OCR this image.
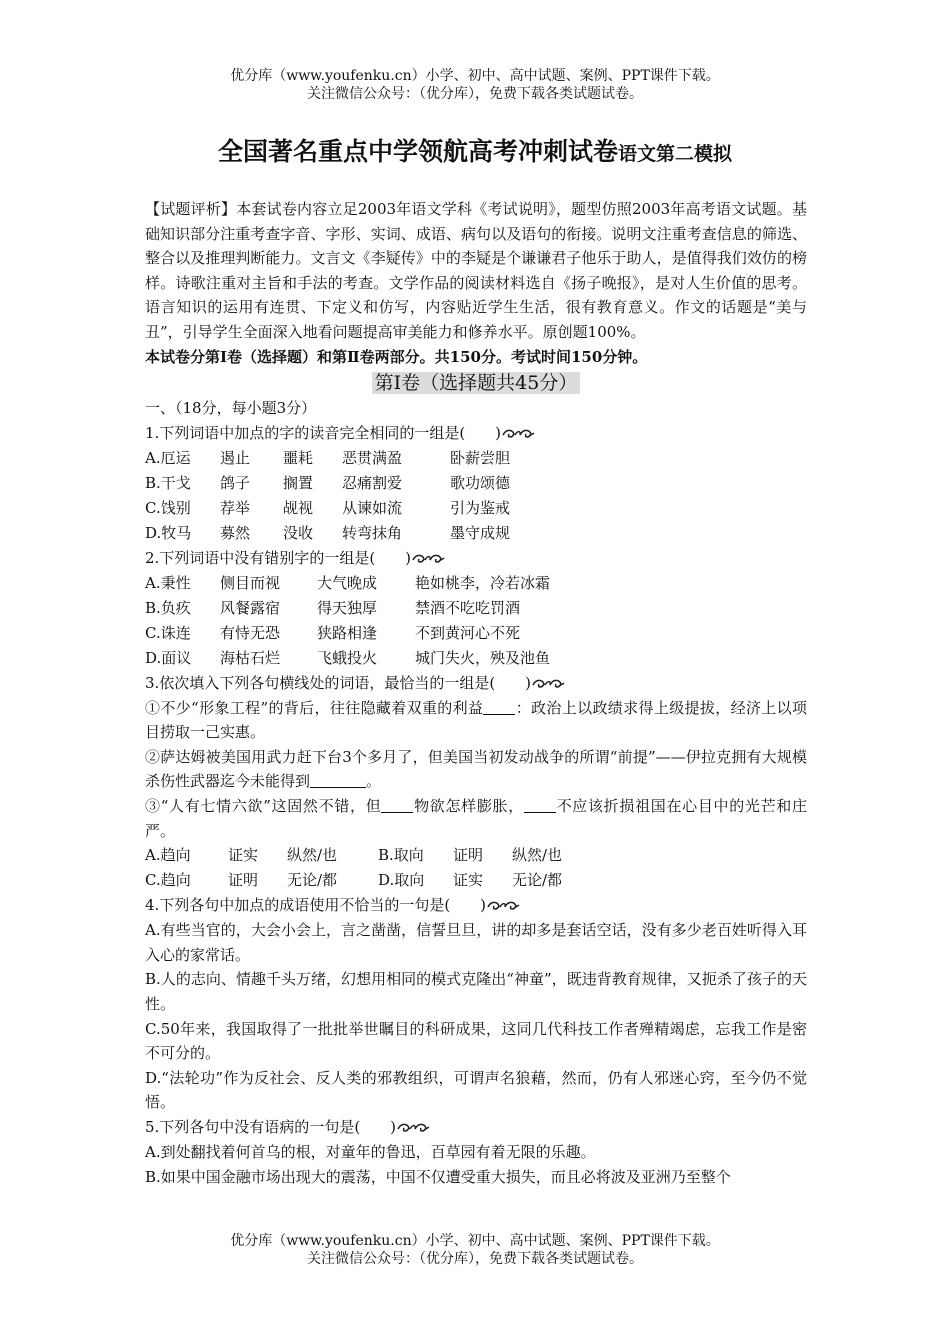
优分库（www.youfenku.cn）小学、初中、高中试题、案例、PPT课件下载。
关注微信公众号：（优分库），免费下载各类试题试卷。
全国著名重点中学领航高考冲刺试卷语文第二模拟

【试题评析】本套试卷内容立足2003年语文学科《考试说明》，题型仿照2003年高考语文试题。基础知识部分注重考查字音、字形、实词、成语、病句以及语句的衔接。说明文注重考查信息的筛选、整合以及推理判断能力。文言文《李疑传》中的李疑是个谦谦君子他乐于助人，是值得我们效仿的榜样。诗歌注重对主旨和手法的考查。文学作品的阅读材料选自《扬子晚报》，是对人生价值的思考。语言知识的运用有连贯、下定义和仿写，内容贴近学生生活，很有教育意义。作文的话题是“美与丑”，引导学生全面深入地看问题提高审美能力和修养水平。原创题100%。

本试卷分第Ⅰ卷（选择题）和第Ⅱ卷两部分。共150分。考试时间150分钟。
第Ⅰ卷（选择题共45分）
一、（18分，每小题3分）
1.下列词语中加点的字的读音完全相同的一组是(　　)
A.厄运 遏止 噩耗 恶贯满盈	卧薪尝胆
B.干戈 鸽子 搁置 忍痛割爱	歌功颂德
C.饯别 荐举 觇视 从谏如流	引为鉴戒
D.牧马 募然 没收 转弯抹角	墨守成规
2.下列词语中没有错别字的一组是(　　)
A.秉性 侧目而视 大气晚成	艳如桃李，冷若冰霜
B.负疚 风餐露宿 得天独厚	禁酒不吃吃罚酒
C.诛连 有恃无恐 狭路相逢	不到黄河心不死
D.面议 海枯石烂 飞蛾投火	城门失火，殃及池鱼
3.依次填入下列各句横线处的词语，最恰当的一组是(　　)

①不少“形象工程”的背后，往往隐藏着双重的利益 ：政治上以政绩求得上级提拔，经济上以项目捞取一己实惠。

②萨达姆被美国用武力赶下台3个多月了，但美国当初发动战争的所谓“前提”——伊拉克拥有大规模杀伤性武器迄今未能得到	。

③“人有七情六欲”这固然不错，但 物欲怎样膨胀， 不应该折损祖国在心目中的光芒和庄严。

A.趋向 证实 纵然/也	B.取向 证明 纵然/也
C.趋向 证明 无论/都	D.取向 证实 无论/都
4.下列各句中加点的成语使用不恰当的一句是(　　)

A.有些当官的，大会小会上，言之凿凿，信誓旦旦，讲的却多是套话空话，没有多少老百姓听得入耳入心的家常话。

B.人的志向、情趣千头万绪，幻想用相同的模式克隆出“神童”，既违背教育规律，又扼杀了孩子的天性。

C.50年来，我国取得了一批批举世瞩目的科研成果，这同几代科技工作者殚精竭虑，忘我工作是密不可分的。

D.“法轮功”作为反社会、反人类的邪教组织，可谓声名狼藉，然而，仍有人邪迷心窍，至今仍不觉悟。

5.下列各句中没有语病的一句是(　　)
A.到处翻找着何首乌的根，对童年的鲁迅，百草园有着无限的乐趣。
B.如果中国金融市场出现大的震荡，中国不仅遭受重大损失，而且必将波及亚洲乃至整个
优分库（www.youfenku.cn）小学、初中、高中试题、案例、PPT课件下载。
关注微信公众号：（优分库），免费下载各类试题试卷。
